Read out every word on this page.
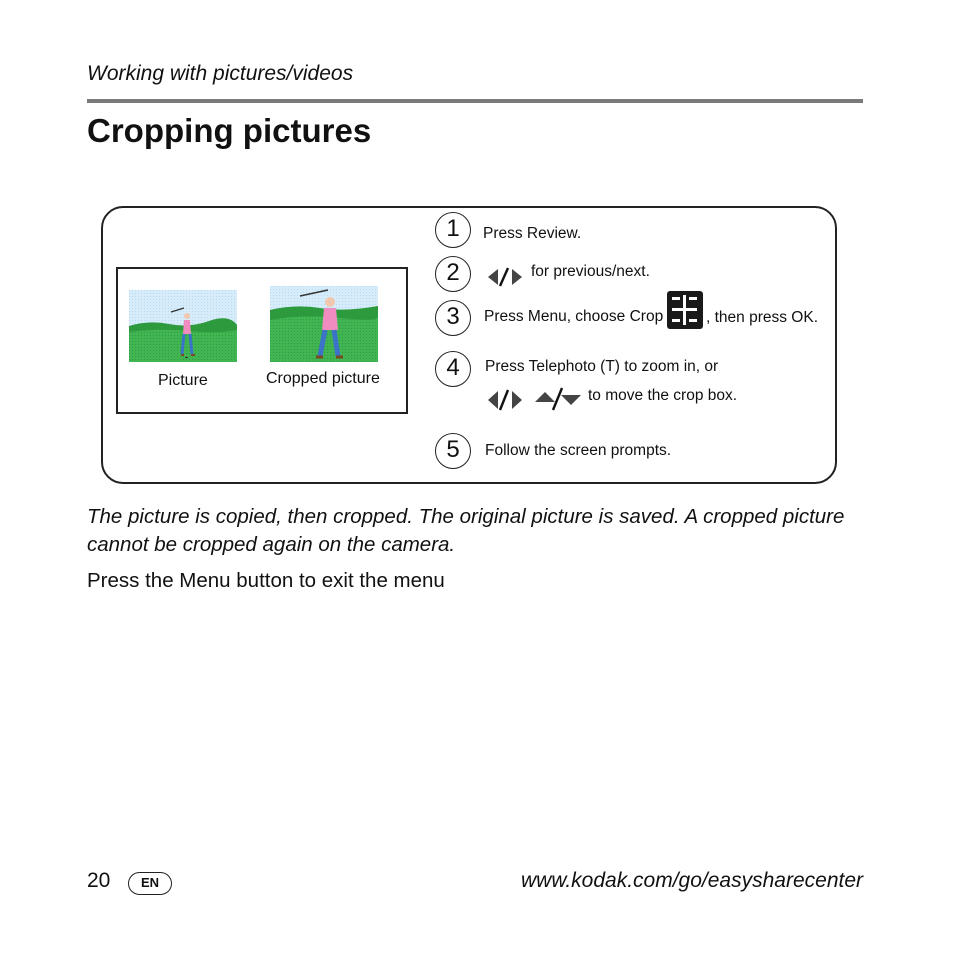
Working with pictures/videos
Cropping pictures
Picture	Cropped picture
1	Press Review.
2	for previous/next.
3	Press Menu, choose Crop	, then press OK.
4	Press Telephoto (T) to zoom in, or
to move the crop box.
5	Follow the screen prompts.
The picture is copied, then cropped. The original picture is saved. A cropped picture cannot be cropped again on the camera.
Press the Menu button to exit the menu
20	EN	www.kodak.com/go/easysharecenter
